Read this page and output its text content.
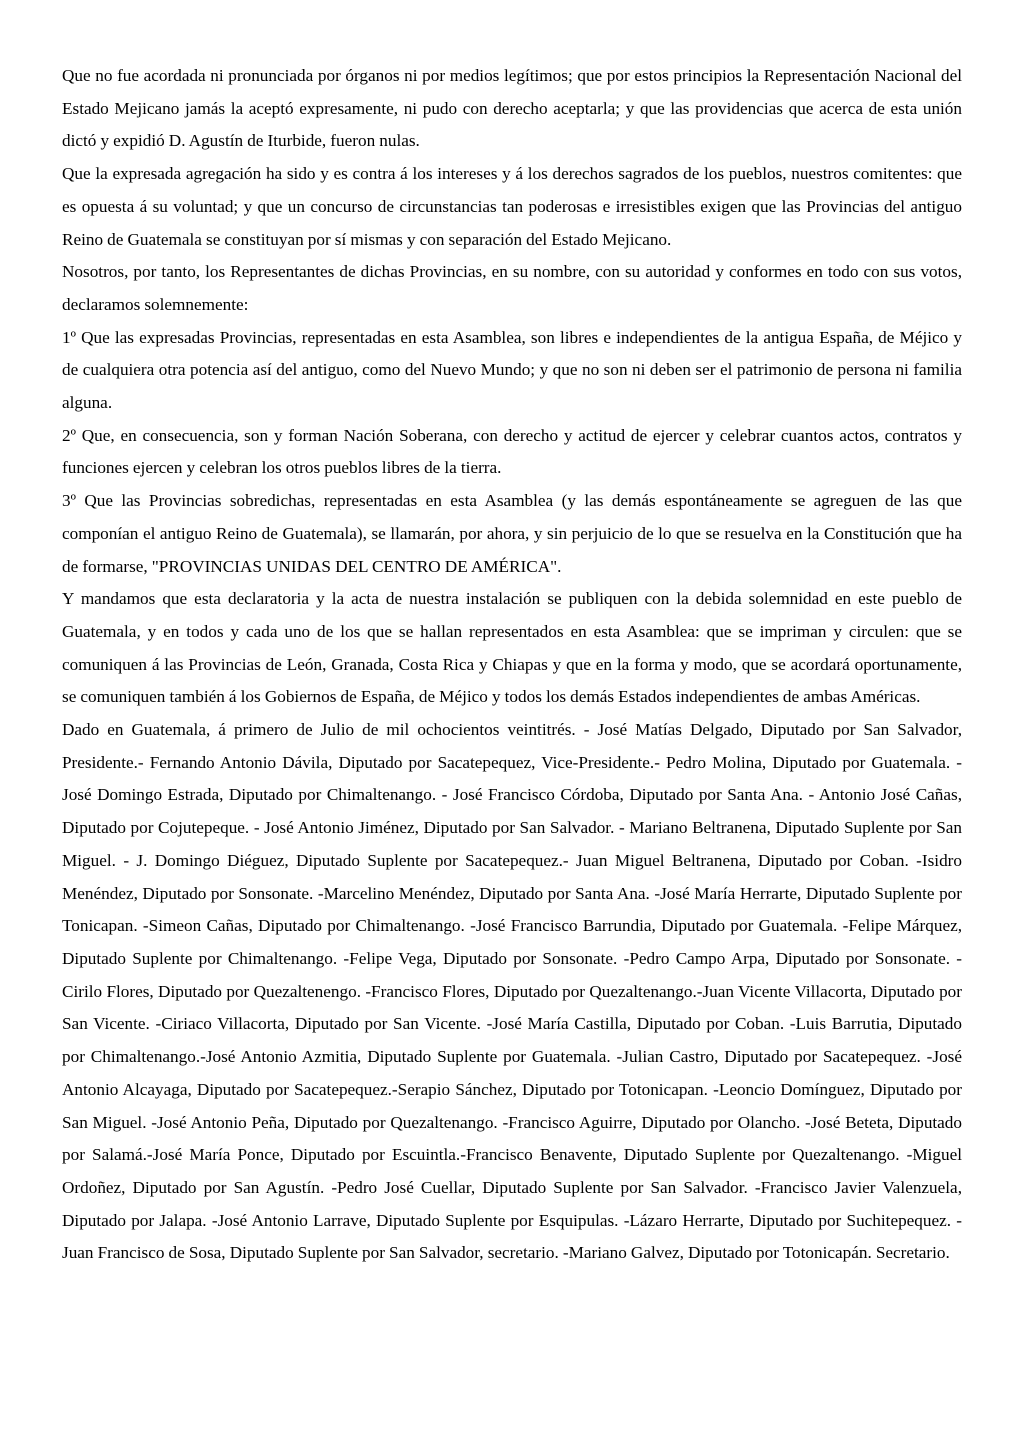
Que no fue acordada ni pronunciada por órganos ni por medios legítimos; que por estos principios la Representación Nacional del Estado Mejicano jamás la aceptó expresamente, ni pudo con derecho aceptarla; y que las providencias que acerca de esta unión dictó y expidió D. Agustín de Iturbide, fueron nulas.

Que la expresada agregación ha sido y es contra á los intereses y á los derechos sagrados de los pueblos, nuestros comitentes: que es opuesta á su voluntad; y que un concurso de circunstancias tan poderosas e irresistibles exigen que las Provincias del antiguo Reino de Guatemala se constituyan por sí mismas y con separación del Estado Mejicano.

Nosotros, por tanto, los Representantes de dichas Provincias, en su nombre, con su autoridad y conformes en todo con sus votos, declaramos solemnemente:

1º Que las expresadas Provincias, representadas en esta Asamblea, son libres e independientes de la antigua España, de Méjico y de cualquiera otra potencia así del antiguo, como del Nuevo Mundo; y que no son ni deben ser el patrimonio de persona ni familia alguna.

2º Que, en consecuencia, son y forman Nación Soberana, con derecho y actitud de ejercer y celebrar cuantos actos, contratos y funciones ejercen y celebran los otros pueblos libres de la tierra.

3º Que las Provincias sobredichas, representadas en esta Asamblea (y las demás espontáneamente se agreguen de las que componían el antiguo Reino de Guatemala), se llamarán, por ahora, y sin perjuicio de lo que se resuelva en la Constitución que ha de formarse, "PROVINCIAS UNIDAS DEL CENTRO DE AMÉRICA".

Y mandamos que esta declaratoria y la acta de nuestra instalación se publiquen con la debida solemnidad en este pueblo de Guatemala, y en todos y cada uno de los que se hallan representados en esta Asamblea: que se impriman y circulen: que se comuniquen á las Provincias de León, Granada, Costa Rica y Chiapas y que en la forma y modo, que se acordará oportunamente, se comuniquen también á los Gobiernos de España, de Méjico y todos los demás Estados independientes de ambas Américas.

Dado en Guatemala, á primero de Julio de mil ochocientos veintitrés. - José Matías Delgado, Diputado por San Salvador, Presidente.- Fernando Antonio Dávila, Diputado por Sacatepequez, Vice-Presidente.- Pedro Molina, Diputado por Guatemala. - José Domingo Estrada, Diputado por Chimaltenango. - José Francisco Córdoba, Diputado por Santa Ana. - Antonio José Cañas, Diputado por Cojutepeque. - José Antonio Jiménez, Diputado por San Salvador. - Mariano Beltranena, Diputado Suplente por San Miguel. - J. Domingo Diéguez, Diputado Suplente por Sacatepequez.- Juan Miguel Beltranena, Diputado por Coban. -Isidro Menéndez, Diputado por Sonsonate. -Marcelino Menéndez, Diputado por Santa Ana. -José María Herrarte, Diputado Suplente por Tonicapan. -Simeon Cañas, Diputado por Chimaltenango. -José Francisco Barrundia, Diputado por Guatemala. -Felipe Márquez, Diputado Suplente por Chimaltenango. -Felipe Vega, Diputado por Sonsonate. -Pedro Campo Arpa, Diputado por Sonsonate. -Cirilo Flores, Diputado por Quezaltenengo. -Francisco Flores, Diputado por Quezaltenango.-Juan Vicente Villacorta, Diputado por San Vicente. -Ciriaco Villacorta, Diputado por San Vicente. -José María Castilla, Diputado por Coban. -Luis Barrutia, Diputado por Chimaltenango.-José Antonio Azmitia, Diputado Suplente por Guatemala. -Julian Castro, Diputado por Sacatepequez. -José Antonio Alcayaga, Diputado por Sacatepequez.-Serapio Sánchez, Diputado por Totonicapan. -Leoncio Domínguez, Diputado por San Miguel. -José Antonio Peña, Diputado por Quezaltenango. -Francisco Aguirre, Diputado por Olancho. -José Beteta, Diputado por Salamá.-José María Ponce, Diputado por Escuintla.-Francisco Benavente, Diputado Suplente por Quezaltenango. -Miguel Ordoñez, Diputado por San Agustín. -Pedro José Cuellar, Diputado Suplente por San Salvador. -Francisco Javier Valenzuela, Diputado por Jalapa. -José Antonio Larrave, Diputado Suplente por Esquipulas. -Lázaro Herrarte, Diputado por Suchitepequez. -Juan Francisco de Sosa, Diputado Suplente por San Salvador, secretario. -Mariano Galvez, Diputado por Totonicapán. Secretario.
